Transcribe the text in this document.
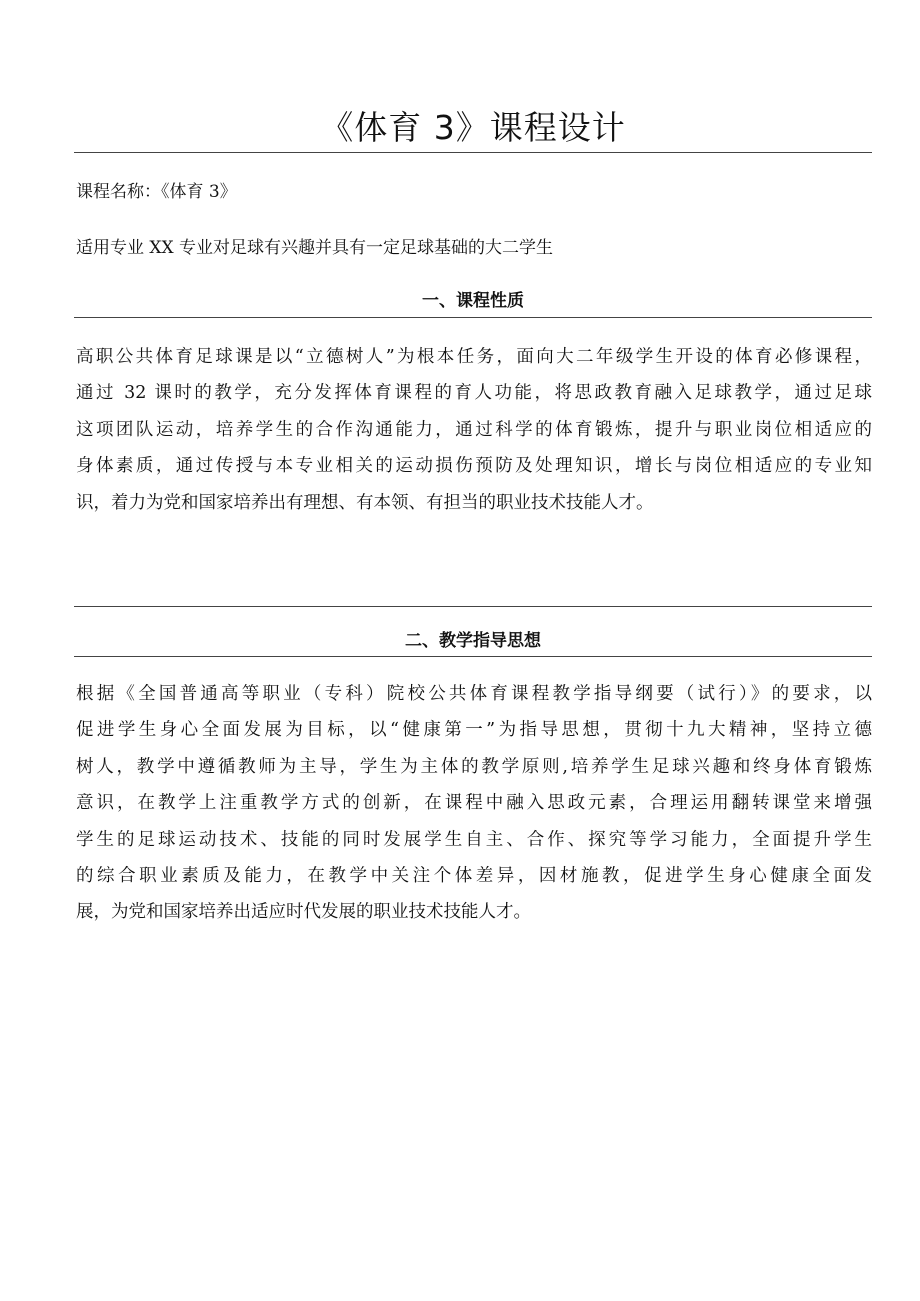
《体育 3》课程设计

课程名称：《体育 3》

适用专业 XX 专业对足球有兴趣并具有一定足球基础的大二学生

一、课程性质
高职公共体育足球课是以“立德树人”为根本任务，面向大二年级学生开设的体育必修课程，
通过 32 课时的教学，充分发挥体育课程的育人功能，将思政教育融入足球教学，通过足球
这项团队运动，培养学生的合作沟通能力，通过科学的体育锻炼，提升与职业岗位相适应的
身体素质，通过传授与本专业相关的运动损伤预防及处理知识，增长与岗位相适应的专业知
识，着力为党和国家培养出有理想、有本领、有担当的职业技术技能人才。
二、教学指导思想
根据《全国普通高等职业（专科）院校公共体育课程教学指导纲要（试行）》的要求，以
促进学生身心全面发展为目标，以“健康第一”为指导思想，贯彻十九大精神，坚持立德
树人，教学中遵循教师为主导，学生为主体的教学原则,培养学生足球兴趣和终身体育锻炼
意识，在教学上注重教学方式的创新，在课程中融入思政元素，合理运用翻转课堂来增强
学生的足球运动技术、技能的同时发展学生自主、合作、探究等学习能力，全面提升学生
的综合职业素质及能力，在教学中关注个体差异，因材施教，促进学生身心健康全面发
展，为党和国家培养出适应时代发展的职业技术技能人才。
